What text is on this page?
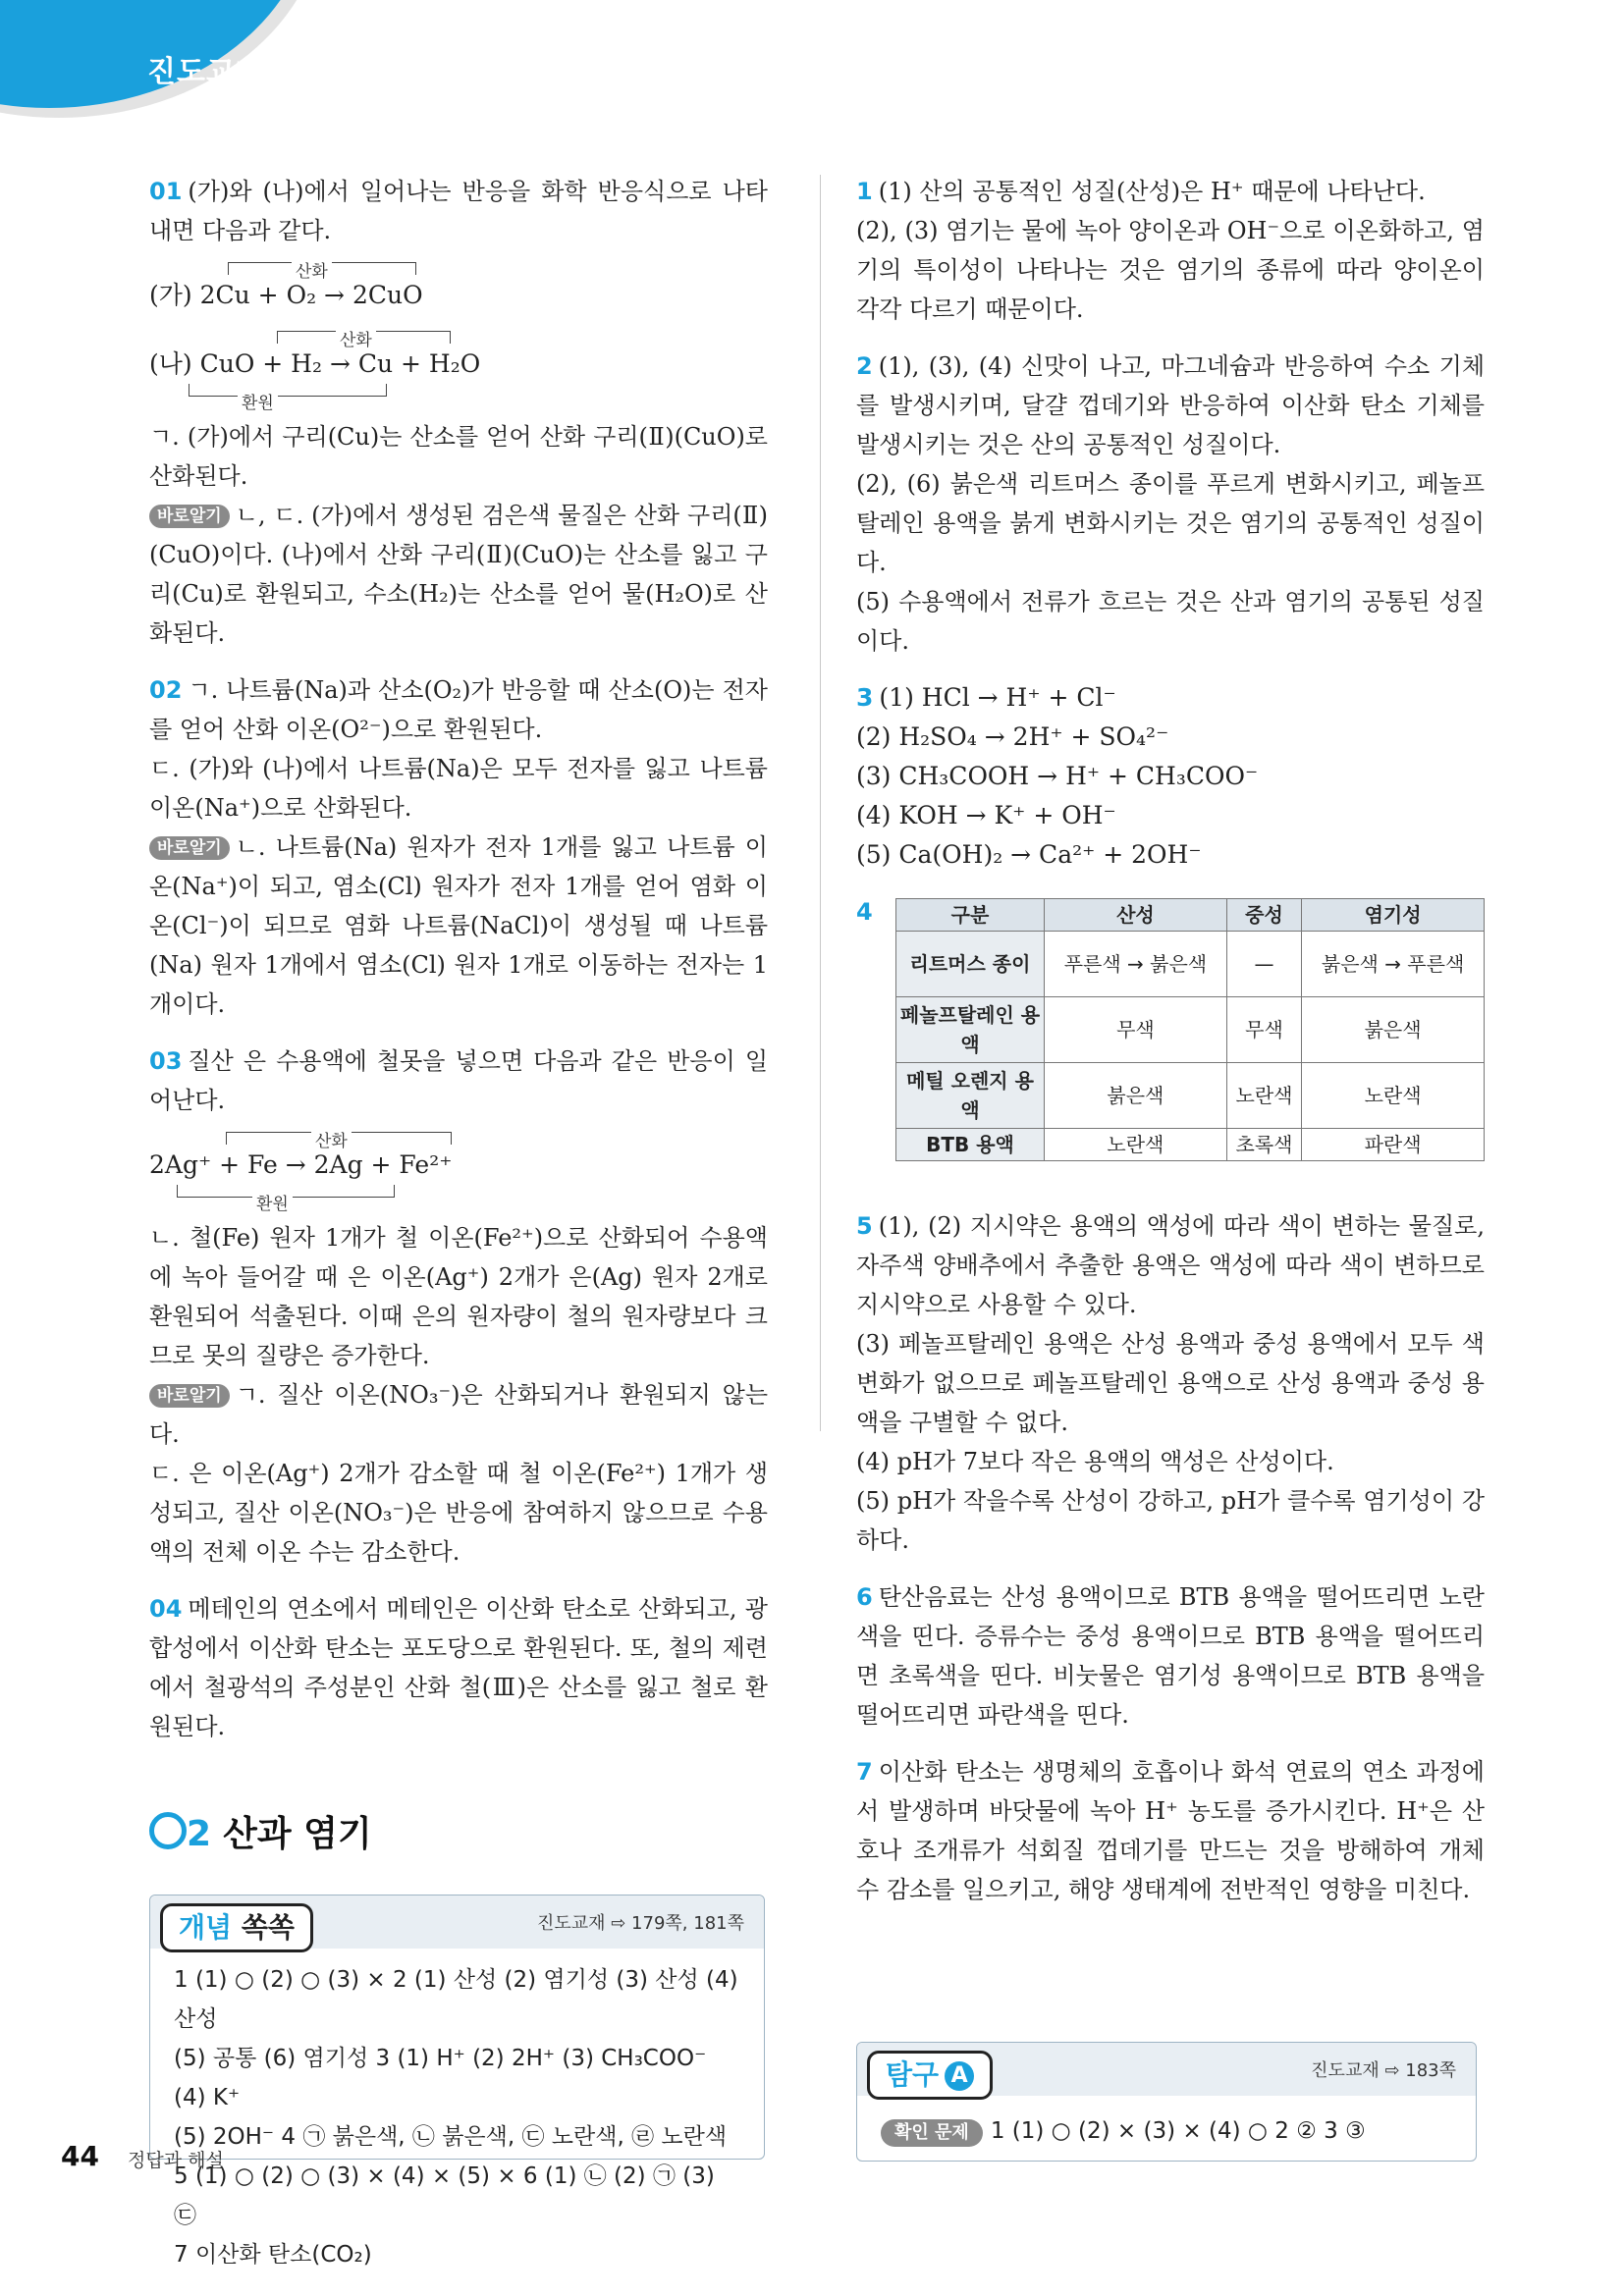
진도교재

01 (가)와 (나)에서 일어나는 반응을 화학 반응식으로 나타내면 다음과 같다.

산화
(가) 2Cu + O₂ → 2CuO
산화
(나) CuO + H₂ → Cu + H₂O
환원

ㄱ. (가)에서 구리(Cu)는 산소를 얻어 산화 구리(Ⅱ)(CuO)로 산화된다.

바로알기 ㄴ, ㄷ. (가)에서 생성된 검은색 물질은 산화 구리(Ⅱ)(CuO)이다. (나)에서 산화 구리(Ⅱ)(CuO)는 산소를 잃고 구리(Cu)로 환원되고, 수소(H₂)는 산소를 얻어 물(H₂O)로 산화된다.

02 ㄱ. 나트륨(Na)과 산소(O₂)가 반응할 때 산소(O)는 전자를 얻어 산화 이온(O²⁻)으로 환원된다.

ㄷ. (가)와 (나)에서 나트륨(Na)은 모두 전자를 잃고 나트륨 이온(Na⁺)으로 산화된다.

바로알기 ㄴ. 나트륨(Na) 원자가 전자 1개를 잃고 나트륨 이온(Na⁺)이 되고, 염소(Cl) 원자가 전자 1개를 얻어 염화 이온(Cl⁻)이 되므로 염화 나트륨(NaCl)이 생성될 때 나트륨(Na) 원자 1개에서 염소(Cl) 원자 1개로 이동하는 전자는 1개이다.

03 질산 은 수용액에 철못을 넣으면 다음과 같은 반응이 일어난다.

산화
2Ag⁺ + Fe → 2Ag + Fe²⁺
환원

ㄴ. 철(Fe) 원자 1개가 철 이온(Fe²⁺)으로 산화되어 수용액에 녹아 들어갈 때 은 이온(Ag⁺) 2개가 은(Ag) 원자 2개로 환원되어 석출된다. 이때 은의 원자량이 철의 원자량보다 크므로 못의 질량은 증가한다.

바로알기 ㄱ. 질산 이온(NO₃⁻)은 산화되거나 환원되지 않는다.

ㄷ. 은 이온(Ag⁺) 2개가 감소할 때 철 이온(Fe²⁺) 1개가 생성되고, 질산 이온(NO₃⁻)은 반응에 참여하지 않으므로 수용액의 전체 이온 수는 감소한다.

04 메테인의 연소에서 메테인은 이산화 탄소로 산화되고, 광합성에서 이산화 탄소는 포도당으로 환원된다. 또, 철의 제련에서 철광석의 주성분인 산화 철(Ⅲ)은 산소를 잃고 철로 환원된다.

2 산과 염기
개념 쏙쏙	진도교재 ⇨ 179쪽, 181쪽
1 (1) ○ (2) ○ (3) × 2 (1) 산성 (2) 염기성 (3) 산성 (4) 산성
(5) 공통 (6) 염기성 3 (1) H⁺ (2) 2H⁺ (3) CH₃COO⁻ (4) K⁺
(5) 2OH⁻ 4 ㉠ 붉은색, ㉡ 붉은색, ㉢ 노란색, ㉣ 노란색
5 (1) ○ (2) ○ (3) × (4) × (5) × 6 (1) ㉡ (2) ㉠ (3) ㉢
7 이산화 탄소(CO₂)

1 (1) 산의 공통적인 성질(산성)은 H⁺ 때문에 나타난다.

(2), (3) 염기는 물에 녹아 양이온과 OH⁻으로 이온화하고, 염기의 특이성이 나타나는 것은 염기의 종류에 따라 양이온이 각각 다르기 때문이다.

2 (1), (3), (4) 신맛이 나고, 마그네슘과 반응하여 수소 기체를 발생시키며, 달걀 껍데기와 반응하여 이산화 탄소 기체를 발생시키는 것은 산의 공통적인 성질이다.

(2), (6) 붉은색 리트머스 종이를 푸르게 변화시키고, 페놀프탈레인 용액을 붉게 변화시키는 것은 염기의 공통적인 성질이다.

(5) 수용액에서 전류가 흐르는 것은 산과 염기의 공통된 성질이다.

3 (1) HCl → H⁺ + Cl⁻
(2) H₂SO₄ → 2H⁺ + SO₄²⁻
(3) CH₃COOH → H⁺ + CH₃COO⁻
(4) KOH → K⁺ + OH⁻
(5) Ca(OH)₂ → Ca²⁺ + 2OH⁻
4	구분	산성	중성	염기성
리트머스 종이	푸른색 → 붉은색	—	붉은색 → 푸른색
페놀프탈레인 용액	무색	무색	붉은색
메틸 오렌지 용액	붉은색	노란색	노란색
BTB 용액	노란색	초록색	파란색

5 (1), (2) 지시약은 용액의 액성에 따라 색이 변하는 물질로, 자주색 양배추에서 추출한 용액은 액성에 따라 색이 변하므로 지시약으로 사용할 수 있다.

(3) 페놀프탈레인 용액은 산성 용액과 중성 용액에서 모두 색 변화가 없으므로 페놀프탈레인 용액으로 산성 용액과 중성 용액을 구별할 수 없다.

(4) pH가 7보다 작은 용액의 액성은 산성이다.

(5) pH가 작을수록 산성이 강하고, pH가 클수록 염기성이 강하다.

6 탄산음료는 산성 용액이므로 BTB 용액을 떨어뜨리면 노란색을 띤다. 증류수는 중성 용액이므로 BTB 용액을 떨어뜨리면 초록색을 띤다. 비눗물은 염기성 용액이므로 BTB 용액을 떨어뜨리면 파란색을 띤다.

7 이산화 탄소는 생명체의 호흡이나 화석 연료의 연소 과정에서 발생하며 바닷물에 녹아 H⁺ 농도를 증가시킨다. H⁺은 산호나 조개류가 석회질 껍데기를 만드는 것을 방해하여 개체 수 감소를 일으키고, 해양 생태계에 전반적인 영향을 미친다.

탐구 A	진도교재 ⇨ 183쪽
확인 문제 1 (1) ○ (2) × (3) × (4) ○ 2 ② 3 ③
44 정답과 해설
